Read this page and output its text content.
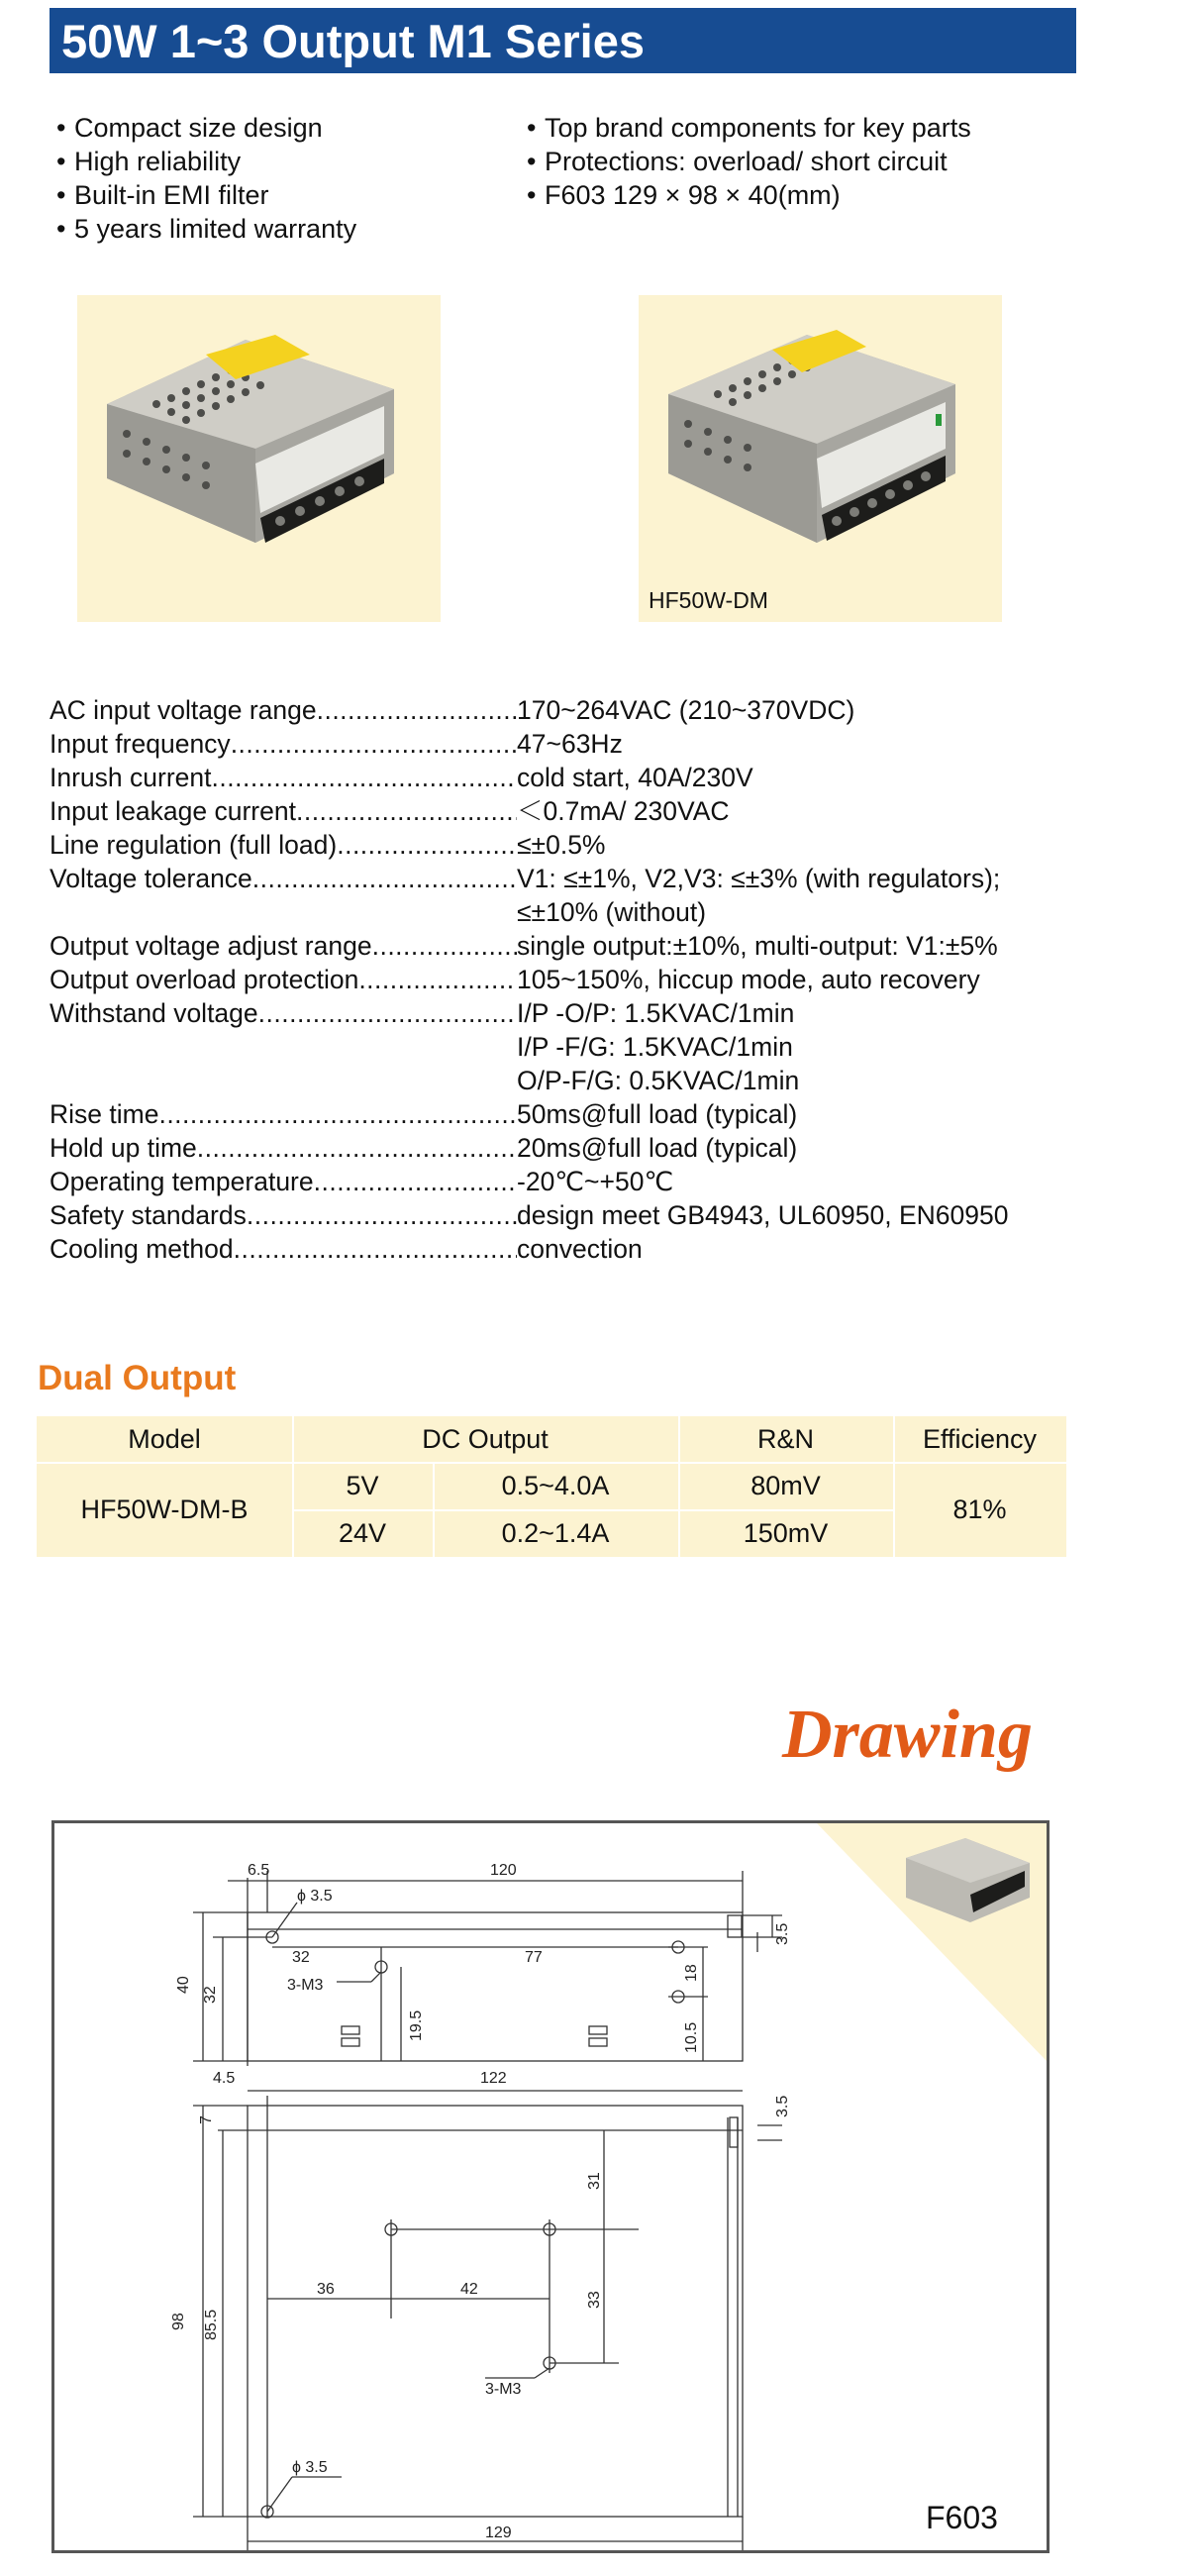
50W 1~3 Output M1 Series
• Compact size design
• High reliability
• Built-in EMI filter
• 5 years limited warranty
• Top brand components for key parts
• Protections: overload/ short circuit
• F603 129 × 98 × 40(mm)
HF50W-DM
AC input voltage range .....	170~264VAC (210~370VDC)
Input frequency .....	47~63Hz
Inrush current .....	cold start, 40A/230V
Input leakage current .....	＜0.7mA/ 230VAC
Line regulation (full load) .....	≤±0.5%
Voltage tolerance .....	V1: ≤±1%, V2,V3: ≤±3% (with regulators);
≤±10% (without)
Output voltage adjust range .....	single output:±10%, multi-output: V1:±5%
Output overload protection .....	105~150%, hiccup mode, auto recovery
Withstand voltage .....	I/P -O/P: 1.5KVAC/1min
I/P -F/G: 1.5KVAC/1min
O/P-F/G: 0.5KVAC/1min
Rise time .....	50ms@full load (typical)
Hold up time .....	20ms@full load (typical)
Operating temperature .....	-20℃~+50℃
Safety standards .....	design meet GB4943, UL60950, EN60950
Cooling method .....	convection
Dual Output
Model	DC Output	R&N	Efficiency
HF50W-DM-B
5V	0.5~4.0A	80mV
24V	0.2~1.4A	150mV
81%
Drawing
6.5	120
ϕ 3.5
40
32
32	77
3-M3
19.5
18
10.5
3.5
4.5	122
3.5
7
98 85.5
31
36	42
33
3-M3
ϕ 3.5
129	F603
